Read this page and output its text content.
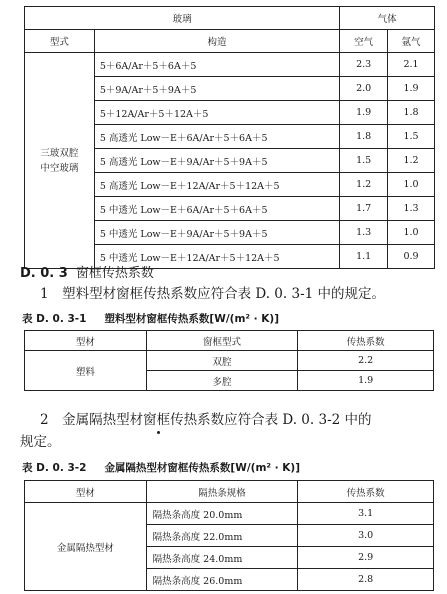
玻璃		气体	
型式	构造	空气	氩气

三玻双腔
中空玻璃	5＋6A/Ar＋5＋6A＋5	2.3	2.1
	5＋9A/Ar＋5＋9A＋5	2.0	1.9
	5＋12A/Ar＋5＋12A＋5	1.9	1.8
	5 高透光 Low－E＋6A/Ar＋5＋6A＋5	1.8	1.5
	5 高透光 Low－E＋9A/Ar＋5＋9A＋5	1.5	1.2
	5 高透光 Low－E＋12A/Ar＋5＋12A＋5	1.2	1.0
	5 中透光 Low－E＋6A/Ar＋5＋6A＋5	1.7	1.3
	5 中透光 Low－E＋9A/Ar＋5＋9A＋5	1.3	1.0
	5 中透光 Low－E＋12A/Ar＋5＋12A＋5	1.1	0.9
D. 0. 3 窗框传热系数
1　塑料型材窗框传热系数应符合表 D. 0. 3-1 中的规定。
表 D. 0. 3-1 塑料型材窗框传热系数[W/(m² · K)]
型材	窗框型式	传热系数
塑料	双腔	2.2
	多腔	1.9
2　金属隔热型材窗框传热系数应符合表 D. 0. 3-2 中的
规定。
表 D. 0. 3-2 金属隔热型材窗框传热系数[W/(m² · K)]
型材	隔热条规格	传热系数
金属隔热型材	隔热条高度 20.0mm	3.1
	隔热条高度 22.0mm	3.0
	隔热条高度 24.0mm	2.9
	隔热条高度 26.0mm	2.8
